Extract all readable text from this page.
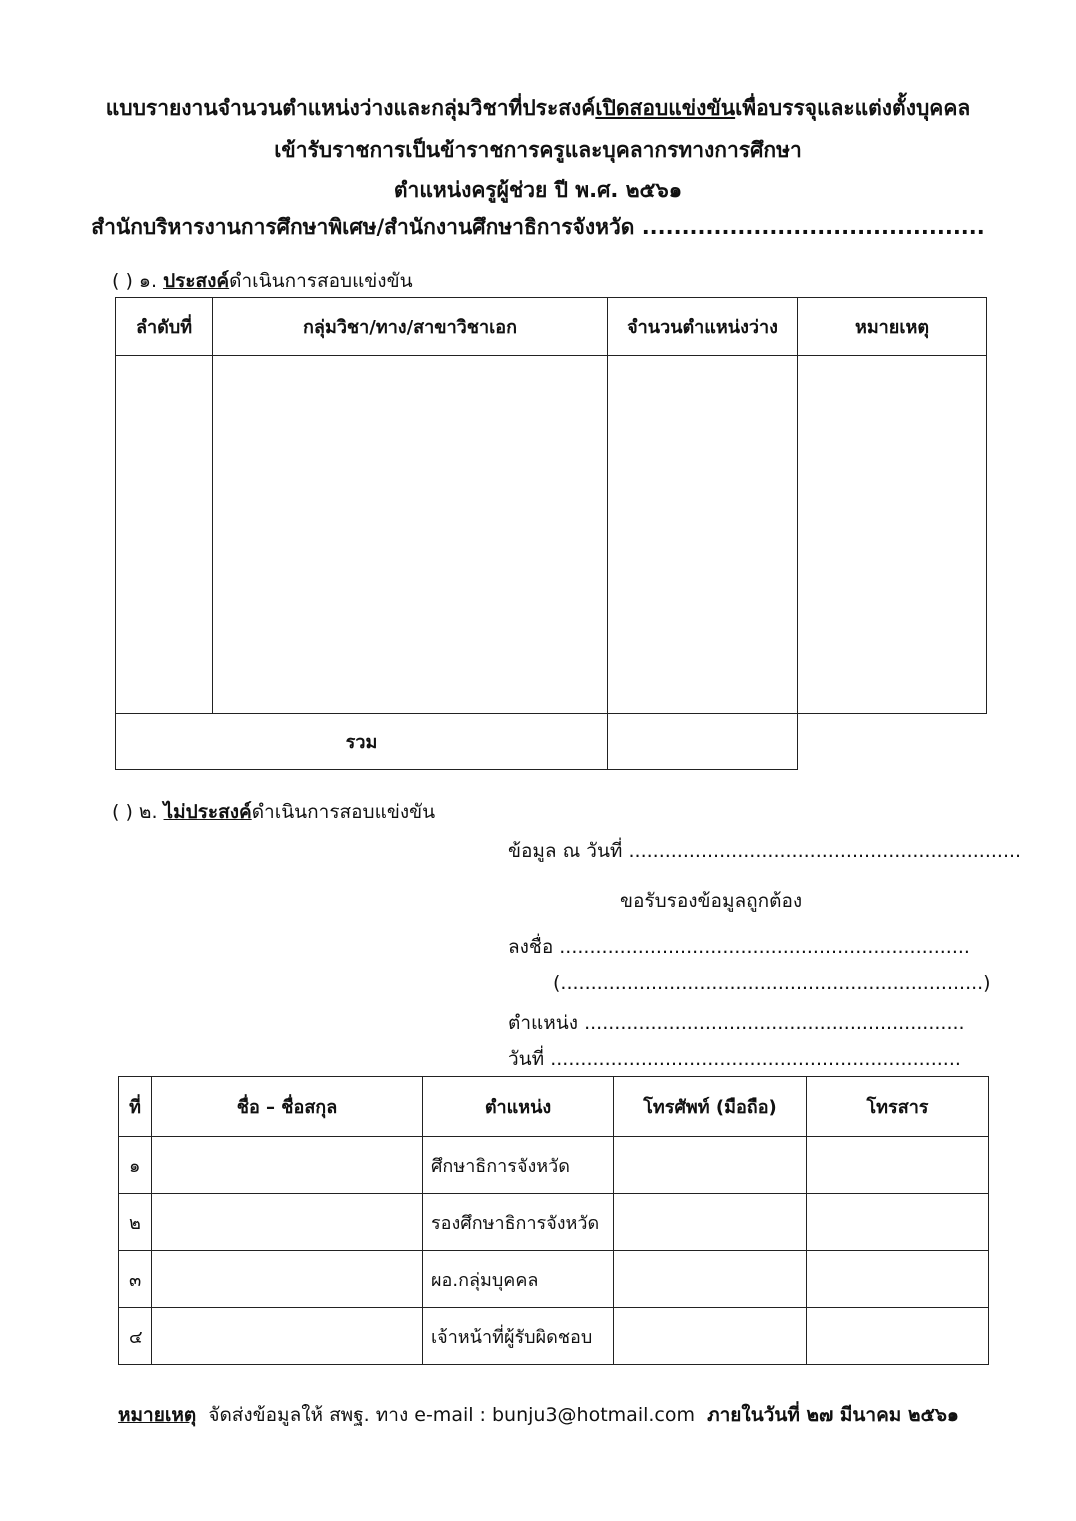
แบบรายงานจำนวนตำแหน่งว่างและกลุ่มวิชาที่ประสงค์เปิดสอบแข่งขันเพื่อบรรจุและแต่งตั้งบุคคล
เข้ารับราชการเป็นข้าราชการครูและบุคลากรทางการศึกษา
ตำแหน่งครูผู้ช่วย ปี พ.ศ. ๒๕๖๑
สำนักบริหารงานการศึกษาพิเศษ/สำนักงานศึกษาธิการจังหวัด ...........................................
( ) ๑. ประสงค์ดำเนินการสอบแข่งขัน
ลำดับที่	กลุ่มวิชา/ทาง/สาขาวิชาเอก	จำนวนตำแหน่งว่าง	หมายเหตุ

รวม			
( ) ๒. ไม่ประสงค์ดำเนินการสอบแข่งขัน
ข้อมูล ณ วันที่ .................................................................
ขอรับรองข้อมูลถูกต้อง
ลงชื่อ ....................................................................
(......................................................................)
ตำแหน่ง ...............................................................
วันที่ ....................................................................
ที่	ชื่อ – ชื่อสกุล	ตำแหน่ง	โทรศัพท์ (มือถือ)	โทรสาร
๑		ศึกษาธิการจังหวัด		
๒		รองศึกษาธิการจังหวัด		
๓		ผอ.กลุ่มบุคคล		
๔		เจ้าหน้าที่ผู้รับผิดชอบ		
หมายเหตุ จัดส่งข้อมูลให้ สพฐ. ทาง e-mail : bunju3@hotmail.com ภายในวันที่ ๒๗ มีนาคม ๒๕๖๑
